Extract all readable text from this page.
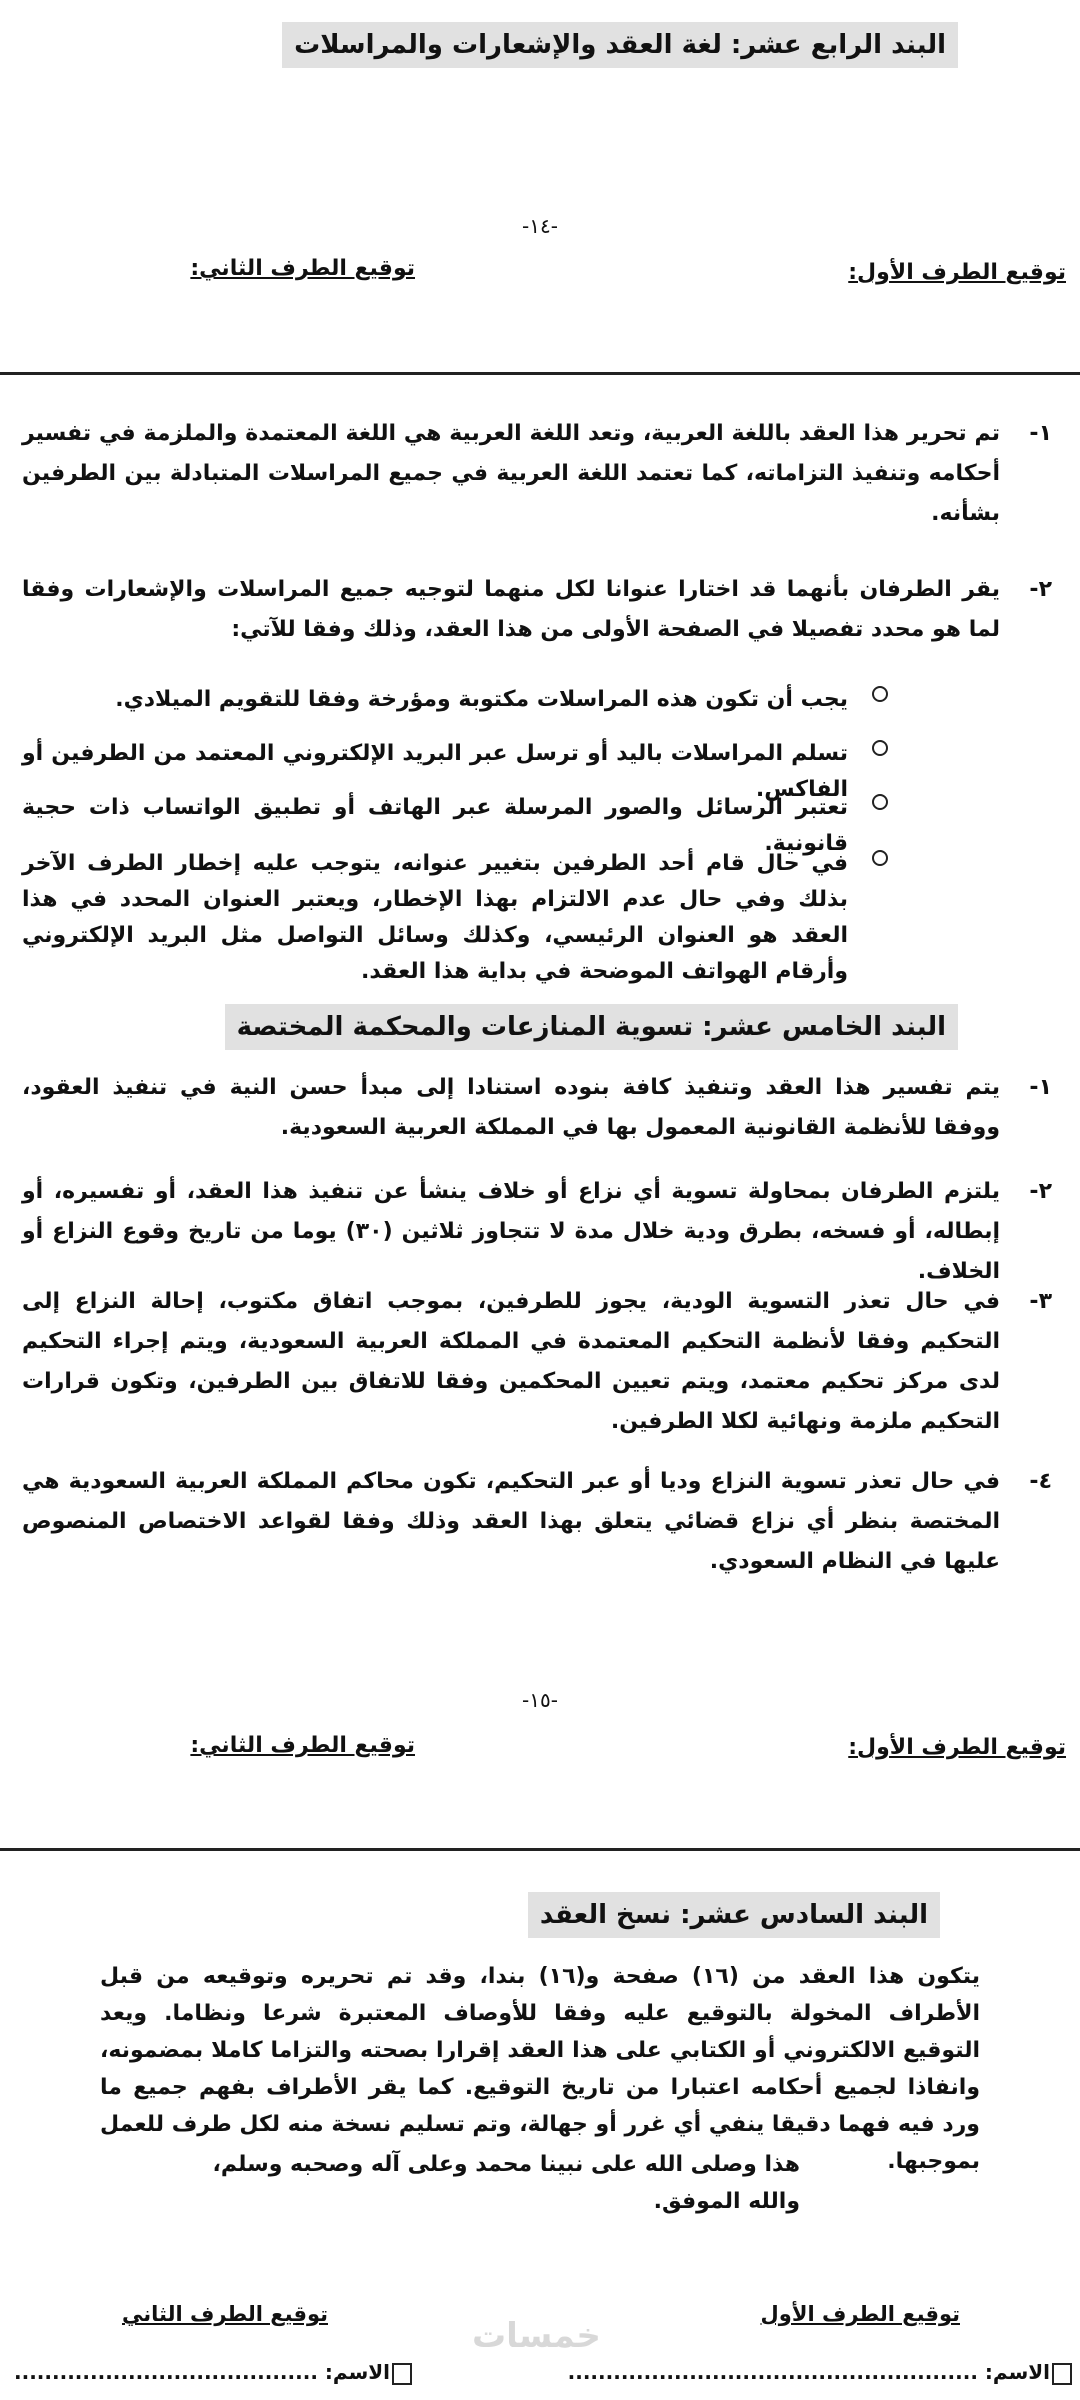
البند الرابع عشر: لغة العقد والإشعارات والمراسلات
-١٤-
توقيع الطرف الأول:
توقيع الطرف الثاني:
١-
تم تحرير هذا العقد باللغة العربية، وتعد اللغة العربية هي اللغة المعتمدة والملزمة في تفسير أحكامه وتنفيذ التزاماته، كما تعتمد اللغة العربية في جميع المراسلات المتبادلة بين الطرفين بشأنه.
٢-
يقر الطرفان بأنهما قد اختارا عنوانا لكل منهما لتوجيه جميع المراسلات والإشعارات وفقا لما هو محدد تفصيلا في الصفحة الأولى من هذا العقد، وذلك وفقا للآتي:
يجب أن تكون هذه المراسلات مكتوبة ومؤرخة وفقا للتقويم الميلادي.
تسلم المراسلات باليد أو ترسل عبر البريد الإلكتروني المعتمد من الطرفين أو الفاكس.
تعتبر الرسائل والصور المرسلة عبر الهاتف أو تطبيق الواتساب ذات حجية قانونية.
في حال قام أحد الطرفين بتغيير عنوانه، يتوجب عليه إخطار الطرف الآخر بذلك وفي حال عدم الالتزام بهذا الإخطار، ويعتبر العنوان المحدد في هذا العقد هو العنوان الرئيسي، وكذلك وسائل التواصل مثل البريد الإلكتروني وأرقام الهواتف الموضحة في بداية هذا العقد.
البند الخامس عشر: تسوية المنازعات والمحكمة المختصة
١-
يتم تفسير هذا العقد وتنفيذ كافة بنوده استنادا إلى مبدأ حسن النية في تنفيذ العقود، ووفقا للأنظمة القانونية المعمول بها في المملكة العربية السعودية.
٢-
يلتزم الطرفان بمحاولة تسوية أي نزاع أو خلاف ينشأ عن تنفيذ هذا العقد، أو تفسيره، أو إبطاله، أو فسخه، بطرق ودية خلال مدة لا تتجاوز ثلاثين (٣٠) يوما من تاريخ وقوع النزاع أو الخلاف.
٣-
في حال تعذر التسوية الودية، يجوز للطرفين، بموجب اتفاق مكتوب، إحالة النزاع إلى التحكيم وفقا لأنظمة التحكيم المعتمدة في المملكة العربية السعودية، ويتم إجراء التحكيم لدى مركز تحكيم معتمد، ويتم تعيين المحكمين وفقا للاتفاق بين الطرفين، وتكون قرارات التحكيم ملزمة ونهائية لكلا الطرفين.
٤-
في حال تعذر تسوية النزاع وديا أو عبر التحكيم، تكون محاكم المملكة العربية السعودية هي المختصة بنظر أي نزاع قضائي يتعلق بهذا العقد وذلك وفقا لقواعد الاختصاص المنصوص عليها في النظام السعودي.
-١٥-
توقيع الطرف الأول:
توقيع الطرف الثاني:
البند السادس عشر: نسخ العقد
يتكون هذا العقد من (١٦) صفحة و(١٦) بندا، وقد تم تحريره وتوقيعه من قبل الأطراف المخولة بالتوقيع عليه وفقا للأوصاف المعتبرة شرعا ونظاما. ويعد التوقيع الالكتروني أو الكتابي على هذا العقد إقرارا بصحته والتزاما كاملا بمضمونه، وانفاذا لجميع أحكامه اعتبارا من تاريخ التوقيع. كما يقر الأطراف بفهم جميع ما ورد فيه فهما دقيقا ينفي أي غرر أو جهالة، وتم تسليم نسخة منه لكل طرف للعمل بموجبها.
هذا وصلى الله على نبينا محمد وعلى آله وصحبه وسلم، والله الموفق.
توقيع الطرف الأول
توقيع الطرف الثاني
خمسات
الاسم: ......................................................
الاسم: ........................................
